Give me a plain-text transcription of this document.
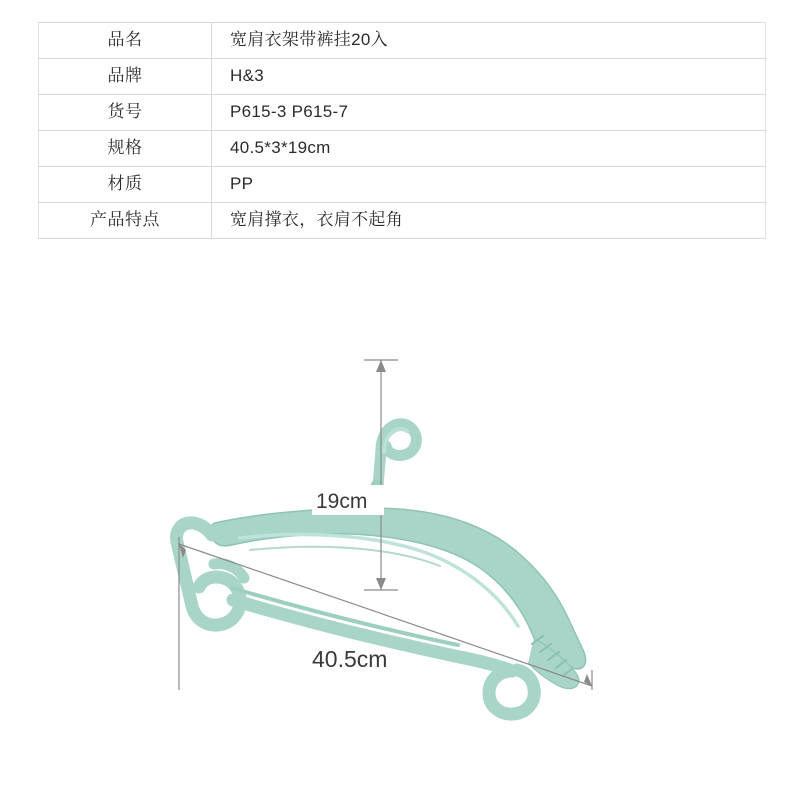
品名	宽肩衣架带裤挂20入
品牌	H&3
货号	P615-3 P615-7
规格	40.5*3*19cm
材质	PP
产品特点	宽肩撑衣，衣肩不起角
19cm
40.5cm
